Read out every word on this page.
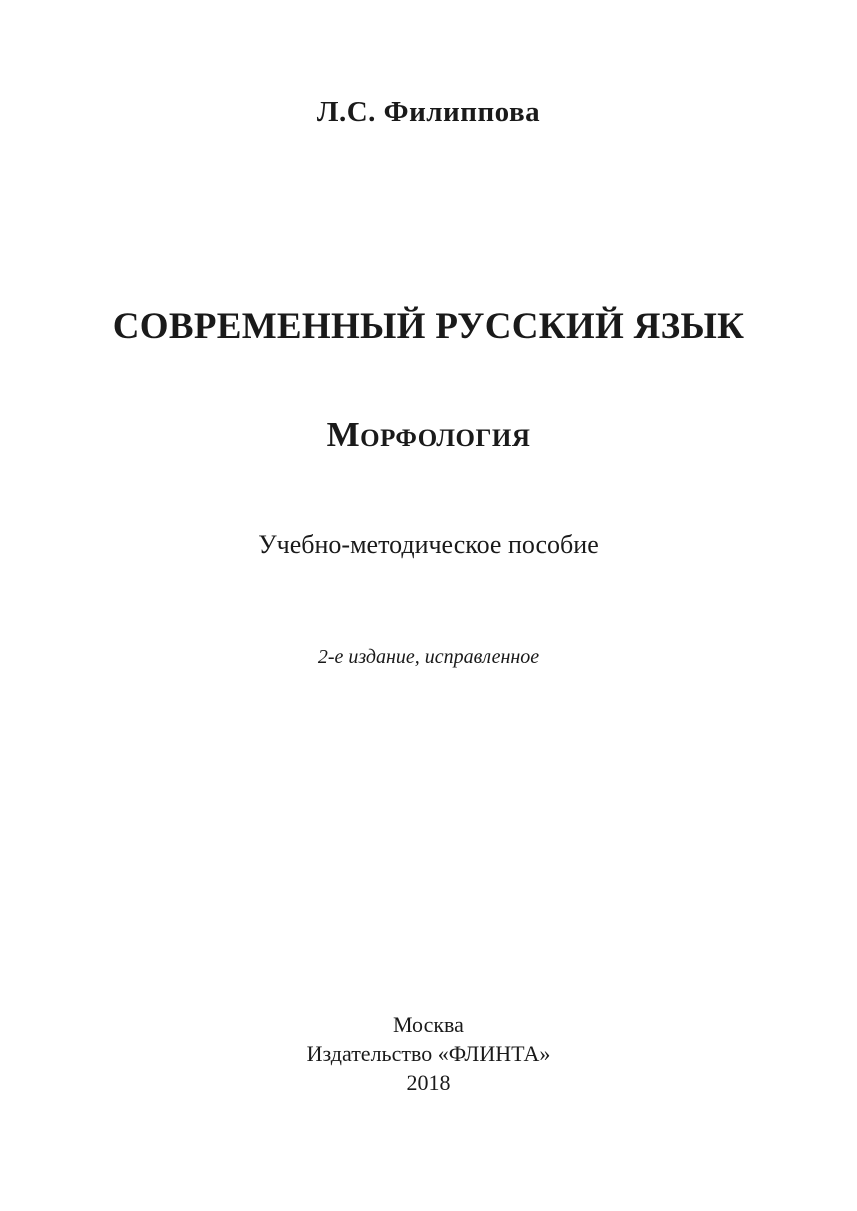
Л.С. Филиппова
СОВРЕМЕННЫЙ РУССКИЙ ЯЗЫК
Морфология
Учебно-методическое пособие
2-е издание, исправленное
Москва
Издательство «ФЛИНТА»
2018
